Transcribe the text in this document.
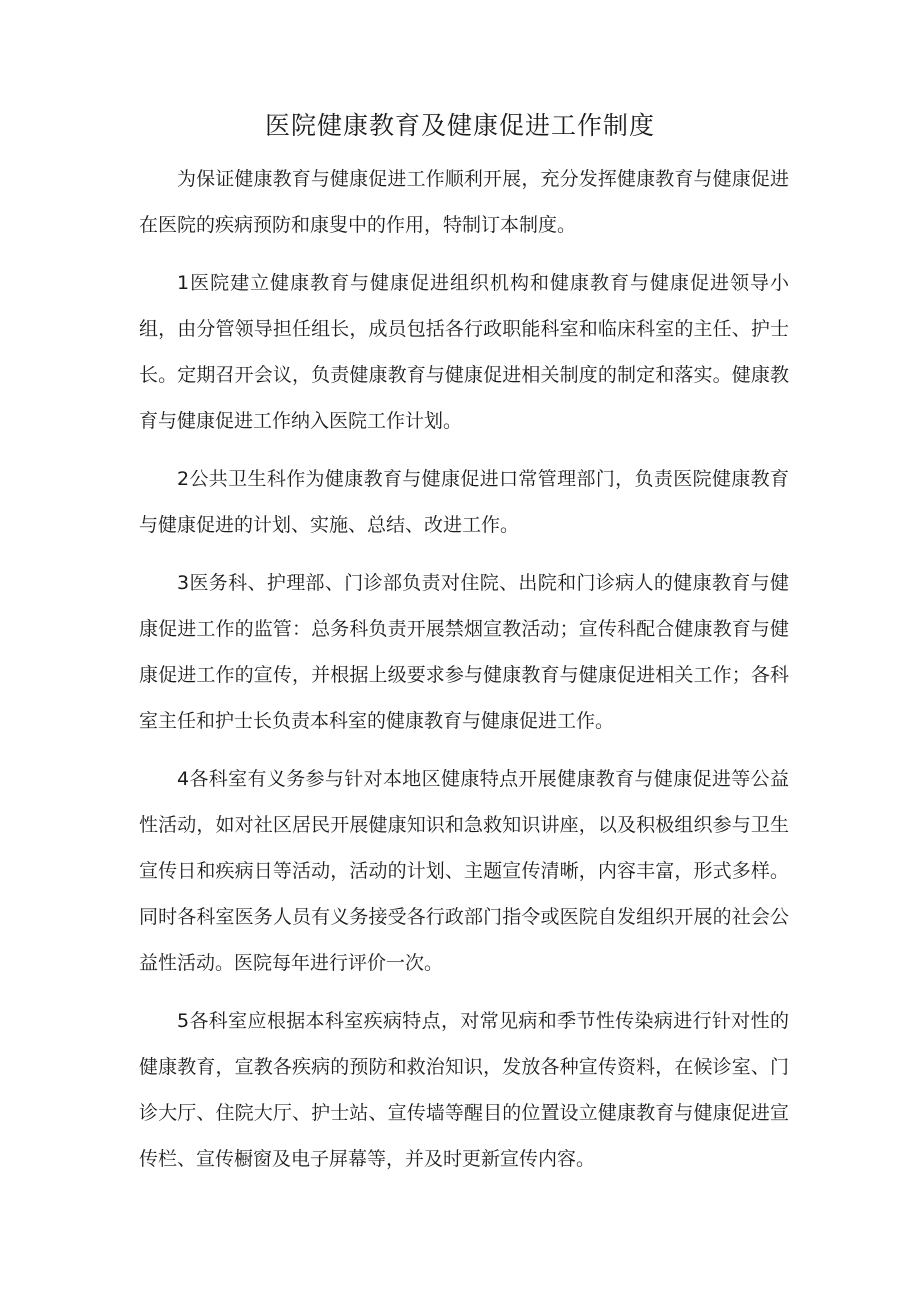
医院健康教育及健康促进工作制度

为保证健康教育与健康促进工作顺利开展，充分发挥健康教育与健康促进在医院的疾病预防和康叟中的作用，特制订本制度。

1医院建立健康教育与健康促进组织机构和健康教育与健康促进领导小组，由分管领导担任组长，成员包括各行政职能科室和临床科室的主任、护士长。定期召开会议，负责健康教育与健康促进相关制度的制定和落实。健康教育与健康促进工作纳入医院工作计划。

2公共卫生科作为健康教育与健康促进口常管理部门，负责医院健康教育与健康促进的计划、实施、总结、改进工作。

3医务科、护理部、门诊部负责对住院、出院和门诊病人的健康教育与健康促进工作的监管：总务科负责开展禁烟宣教活动；宣传科配合健康教育与健康促进工作的宣传，并根据上级要求参与健康教育与健康促进相关工作；各科室主任和护士长负责本科室的健康教育与健康促进工作。

4各科室有义务参与针对本地区健康特点开展健康教育与健康促进等公益性活动，如对社区居民开展健康知识和急救知识讲座，以及积极组织参与卫生宣传日和疾病日等活动，活动的计划、主题宣传清晰，内容丰富，形式多样。同时各科室医务人员有义务接受各行政部门指令或医院自发组织开展的社会公益性活动。医院每年进行评价一次。

5各科室应根据本科室疾病特点，对常见病和季节性传染病进行针对性的健康教育，宣教各疾病的预防和救治知识，发放各种宣传资料，在候诊室、门诊大厅、住院大厅、护士站、宣传墙等醒目的位置设立健康教育与健康促进宣传栏、宣传橱窗及电子屏幕等，并及时更新宣传内容。
